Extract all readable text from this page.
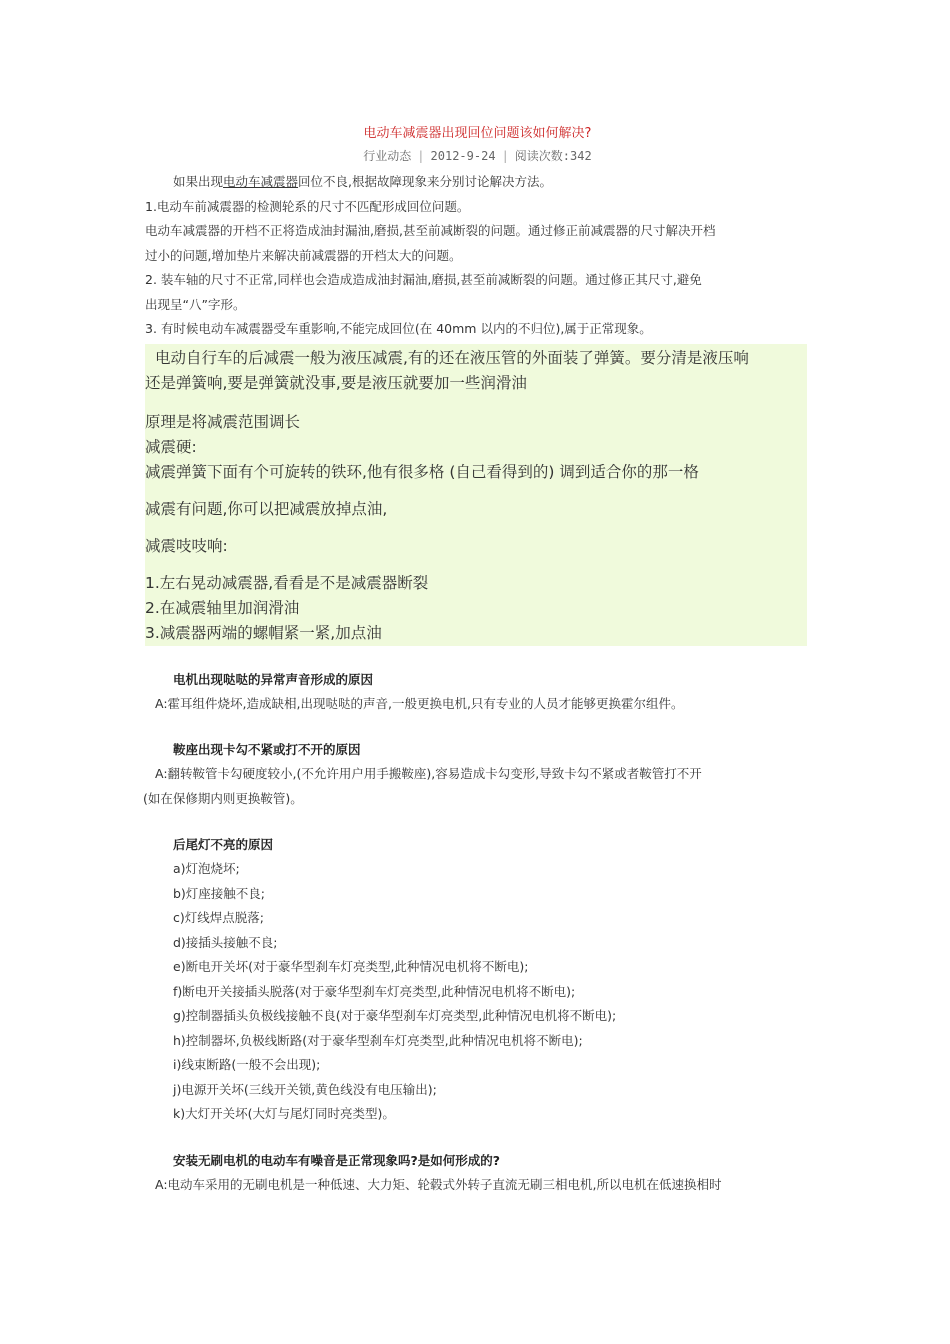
电动车减震器出现回位问题该如何解决?
行业动态 | 2012-9-24 | 阅读次数:342
如果出现电动车减震器回位不良,根据故障现象来分别讨论解决方法。
1.电动车前减震器的检测轮系的尺寸不匹配形成回位问题。
电动车减震器的开档不正将造成油封漏油,磨损,甚至前减断裂的问题。通过修正前减震器的尺寸解决开档
过小的问题,增加垫片来解决前减震器的开档太大的问题。
2. 装车轴的尺寸不正常,同样也会造成造成油封漏油,磨损,甚至前减断裂的问题。通过修正其尺寸,避免
出现呈“八”字形。
3. 有时候电动车减震器受车重影响,不能完成回位(在 40mm 以内的不归位),属于正常现象。

电动自行车的后减震一般为液压减震,有的还在液压管的外面装了弹簧。要分清是液压响

还是弹簧响,要是弹簧就没事,要是液压就要加一些润滑油

原理是将减震范围调长

减震硬:

减震弹簧下面有个可旋转的铁环,他有很多格 (自己看得到的) 调到适合你的那一格

减震有问题,你可以把减震放掉点油,

减震吱吱响:

1.左右晃动减震器,看看是不是减震器断裂

2.在减震轴里加润滑油

3.减震器两端的螺帽紧一紧,加点油

电机出现哒哒的异常声音形成的原因
A:霍耳组件烧坏,造成缺相,出现哒哒的声音,一般更换电机,只有专业的人员才能够更换霍尔组件。
鞍座出现卡勾不紧或打不开的原因
A:翻转鞍管卡勾硬度较小,(不允许用户用手搬鞍座),容易造成卡勾变形,导致卡勾不紧或者鞍管打不开
(如在保修期内则更换鞍管)。
后尾灯不亮的原因
a)灯泡烧坏;
b)灯座接触不良;
c)灯线焊点脱落;
d)接插头接触不良;
e)断电开关坏(对于豪华型刹车灯亮类型,此种情况电机将不断电);
f)断电开关接插头脱落(对于豪华型刹车灯亮类型,此种情况电机将不断电);
g)控制器插头负极线接触不良(对于豪华型刹车灯亮类型,此种情况电机将不断电);
h)控制器坏,负极线断路(对于豪华型刹车灯亮类型,此种情况电机将不断电);
i)线束断路(一般不会出现);
j)电源开关坏(三线开关锁,黄色线没有电压输出);
k)大灯开关坏(大灯与尾灯同时亮类型)。
安装无刷电机的电动车有噪音是正常现象吗?是如何形成的?
A:电动车采用的无刷电机是一种低速、大力矩、轮毂式外转子直流无刷三相电机,所以电机在低速换相时
